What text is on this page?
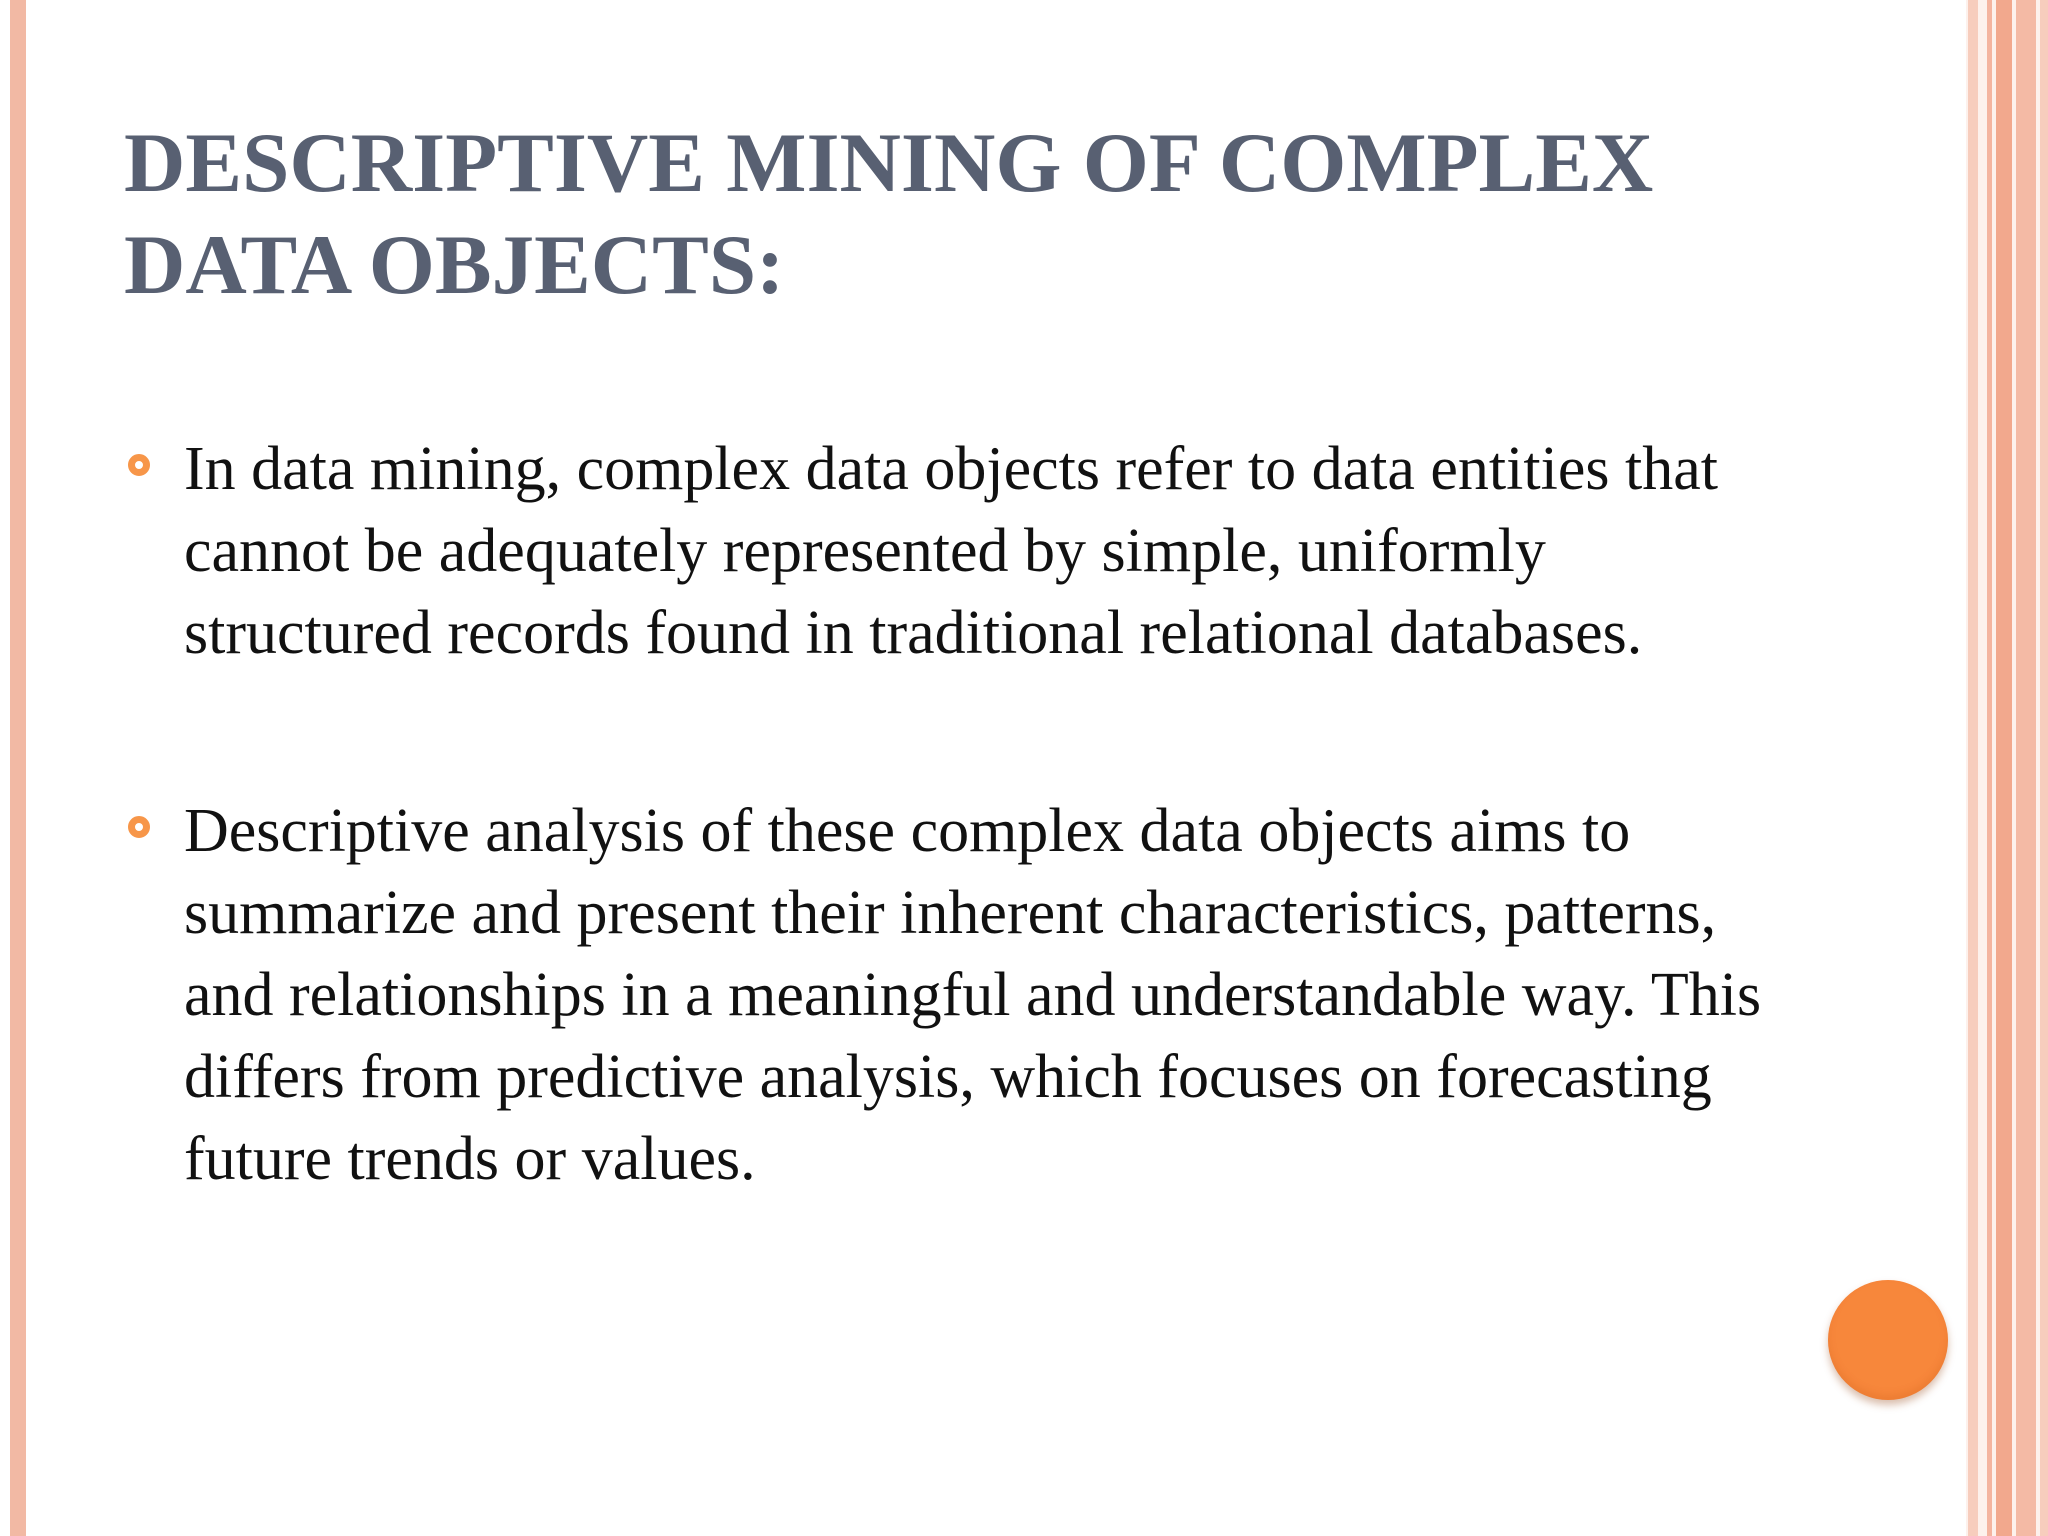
DESCRIPTIVE MINING OF COMPLEX
DATA OBJECTS:
In data mining, complex data objects refer to data entities that cannot be adequately represented by simple, uniformly structured records found in traditional relational databases.
Descriptive analysis of these complex data objects aims to summarize and present their inherent characteristics, patterns, and relationships in a meaningful and understandable way. This differs from predictive analysis, which focuses on forecasting future trends or values.
